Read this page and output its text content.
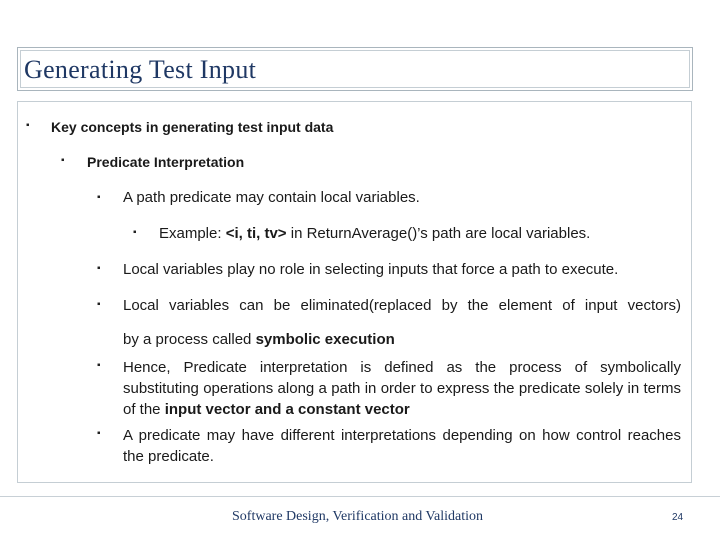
Generating Test Input
▪ Key concepts in generating test input data
▪ Predicate Interpretation
▪ A path predicate may contain local variables.
▪ Example: <i, ti, tv> in ReturnAverage()’s path are local variables.
▪ Local variables play no role in selecting inputs that force a path to execute.
▪ Local variables can be eliminated(replaced by the element of input vectors)
by a process called symbolic execution
▪ Hence, Predicate interpretation is defined as the process of symbolically substituting operations along a path in order to express the predicate solely in terms of the input vector and a constant vector
▪ A predicate may have different interpretations depending on how control reaches the predicate.
Software Design, Verification and Validation	24
